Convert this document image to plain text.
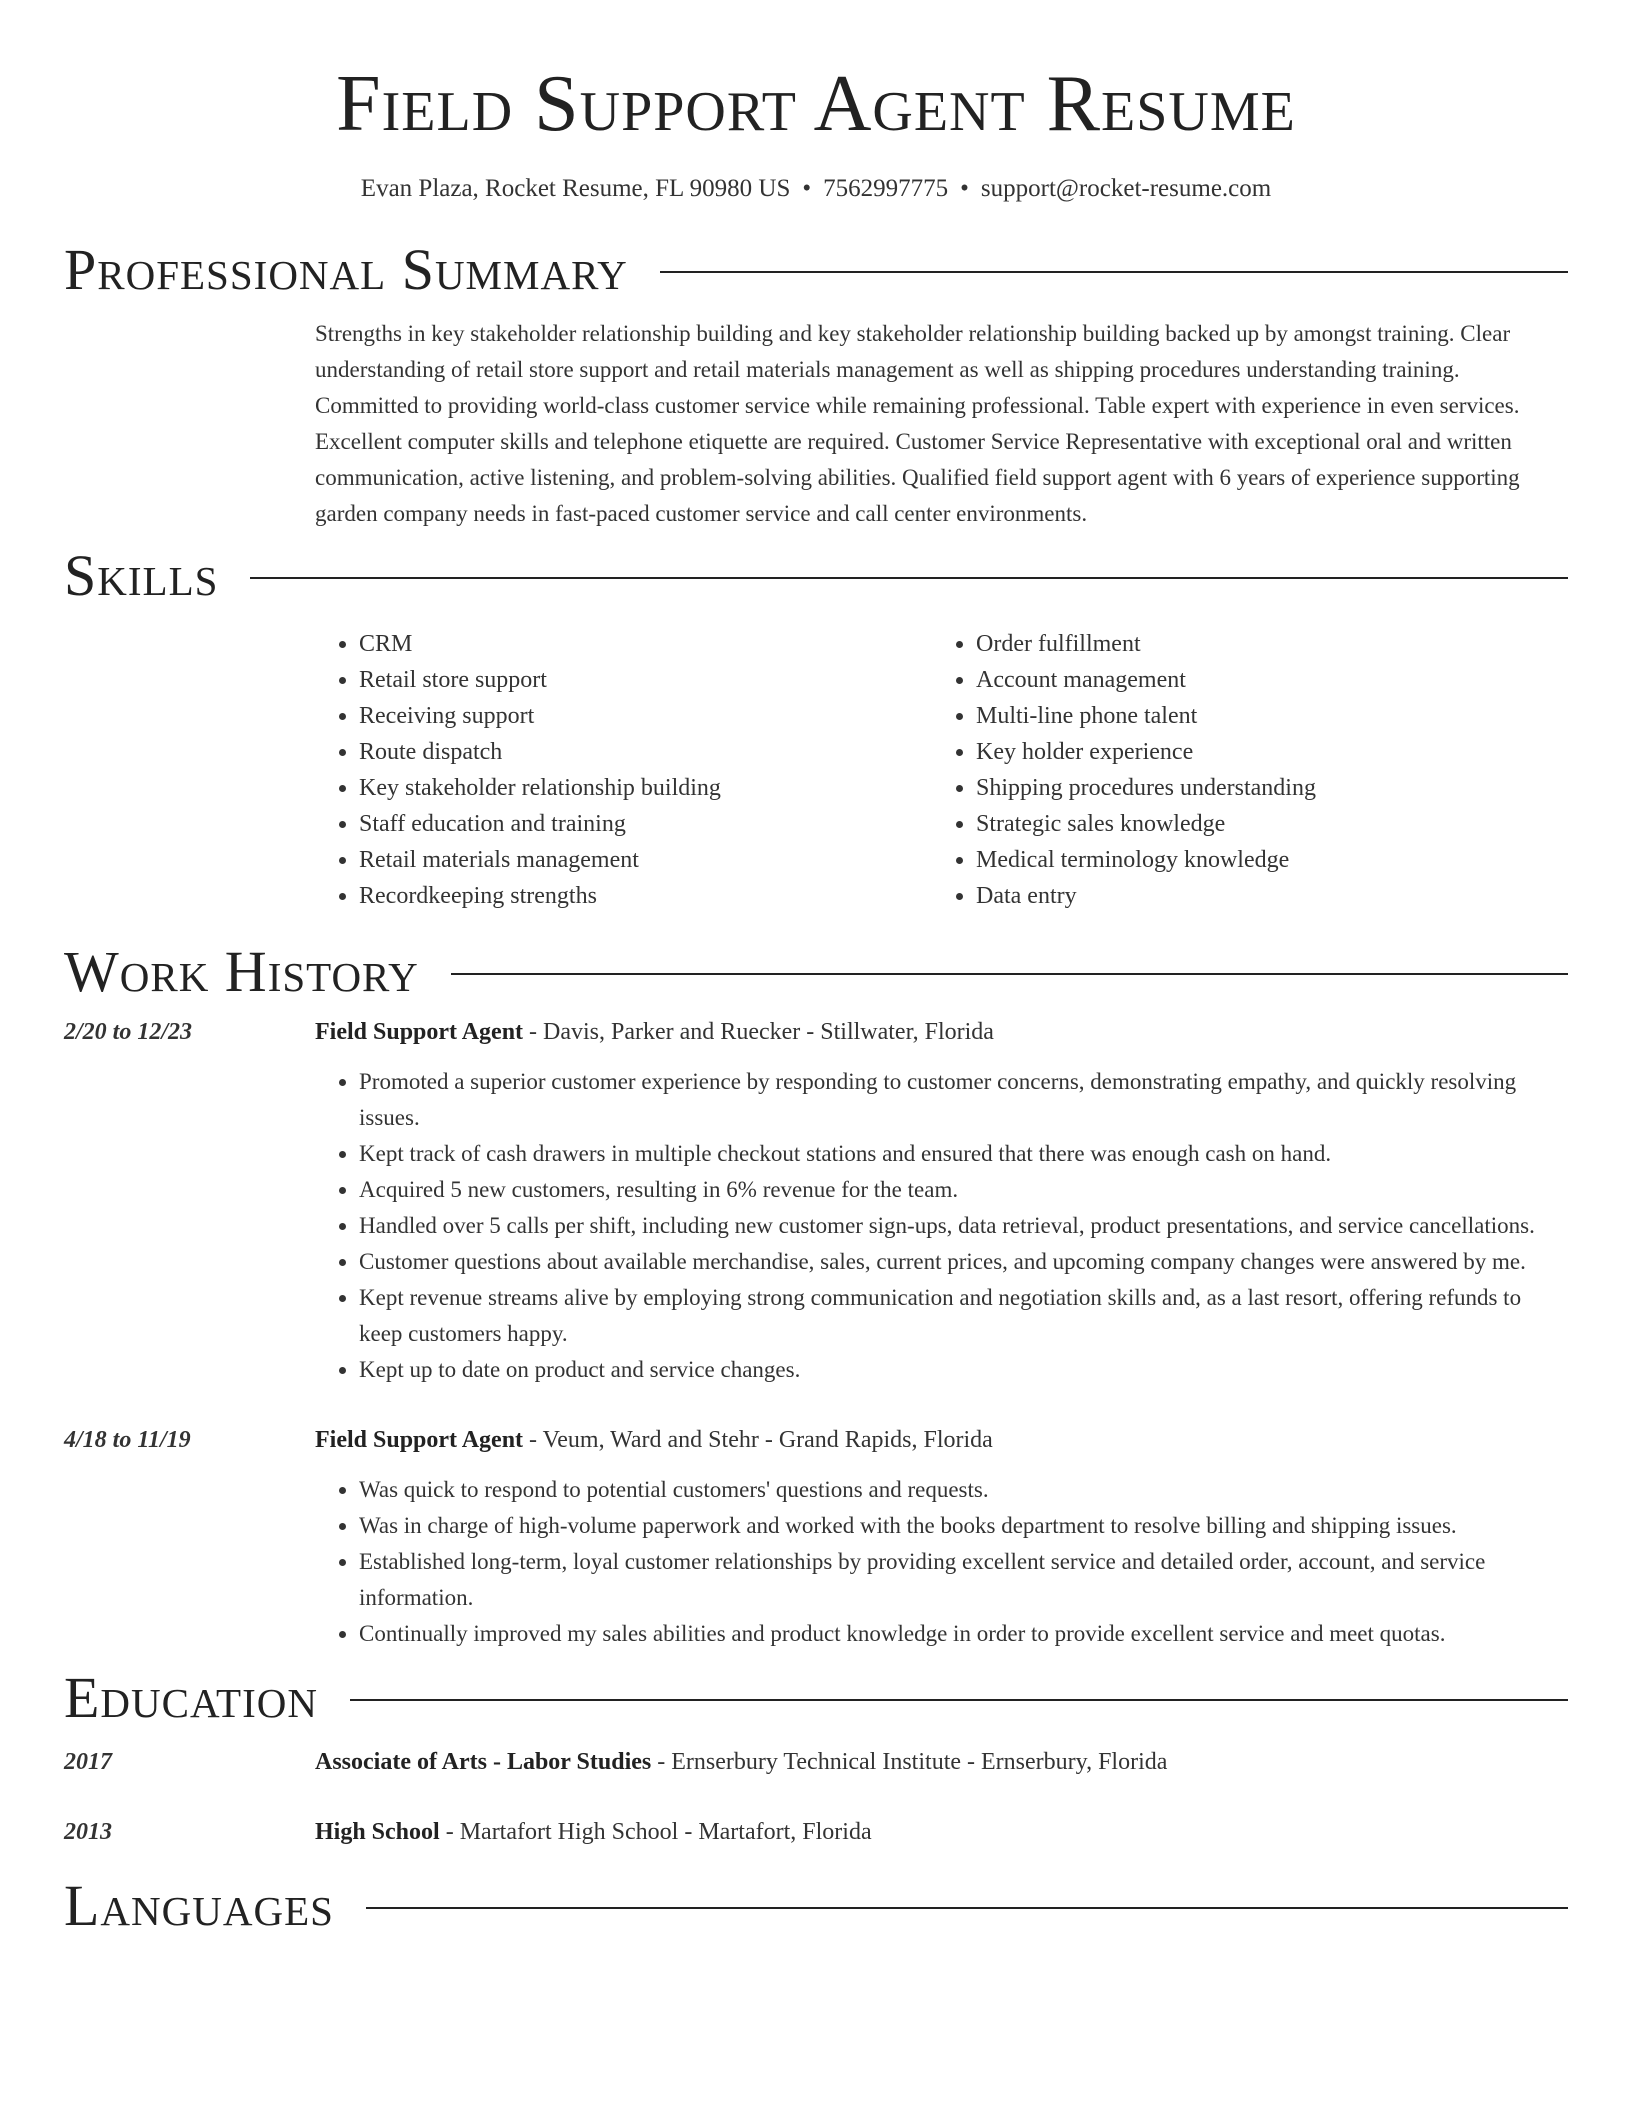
Field Support Agent Resume
Evan Plaza, Rocket Resume, FL 90980 US • 7562997775 • support@rocket-resume.com
Professional Summary

Strengths in key stakeholder relationship building and key stakeholder relationship building backed up by amongst training. Clear understanding of retail store support and retail materials management as well as shipping procedures understanding training. Committed to providing world-class customer service while remaining professional. Table expert with experience in even services. Excellent computer skills and telephone etiquette are required. Customer Service Representative with exceptional oral and written communication, active listening, and problem-solving abilities. Qualified field support agent with 6 years of experience supporting garden company needs in fast-paced customer service and call center environments.

Skills
• CRM
• Retail store support
• Receiving support
• Route dispatch
• Key stakeholder relationship building
• Staff education and training
• Retail materials management
• Recordkeeping strengths
• Order fulfillment
• Account management
• Multi-line phone talent
• Key holder experience
• Shipping procedures understanding
• Strategic sales knowledge
• Medical terminology knowledge
• Data entry
Work History
2/20 to 12/23	Field Support Agent - Davis, Parker and Ruecker - Stillwater, Florida
• Promoted a superior customer experience by responding to customer concerns, demonstrating empathy, and quickly resolving issues.
• Kept track of cash drawers in multiple checkout stations and ensured that there was enough cash on hand.
• Acquired 5 new customers, resulting in 6% revenue for the team.
• Handled over 5 calls per shift, including new customer sign-ups, data retrieval, product presentations, and service cancellations.
• Customer questions about available merchandise, sales, current prices, and upcoming company changes were answered by me.
• Kept revenue streams alive by employing strong communication and negotiation skills and, as a last resort, offering refunds to keep customers happy.
• Kept up to date on product and service changes.
4/18 to 11/19	Field Support Agent - Veum, Ward and Stehr - Grand Rapids, Florida
• Was quick to respond to potential customers' questions and requests.
• Was in charge of high-volume paperwork and worked with the books department to resolve billing and shipping issues.
• Established long-term, loyal customer relationships by providing excellent service and detailed order, account, and service information.
• Continually improved my sales abilities and product knowledge in order to provide excellent service and meet quotas.
Education
2017	Associate of Arts - Labor Studies - Ernserbury Technical Institute - Ernserbury, Florida
2013	High School - Martafort High School - Martafort, Florida
Languages
